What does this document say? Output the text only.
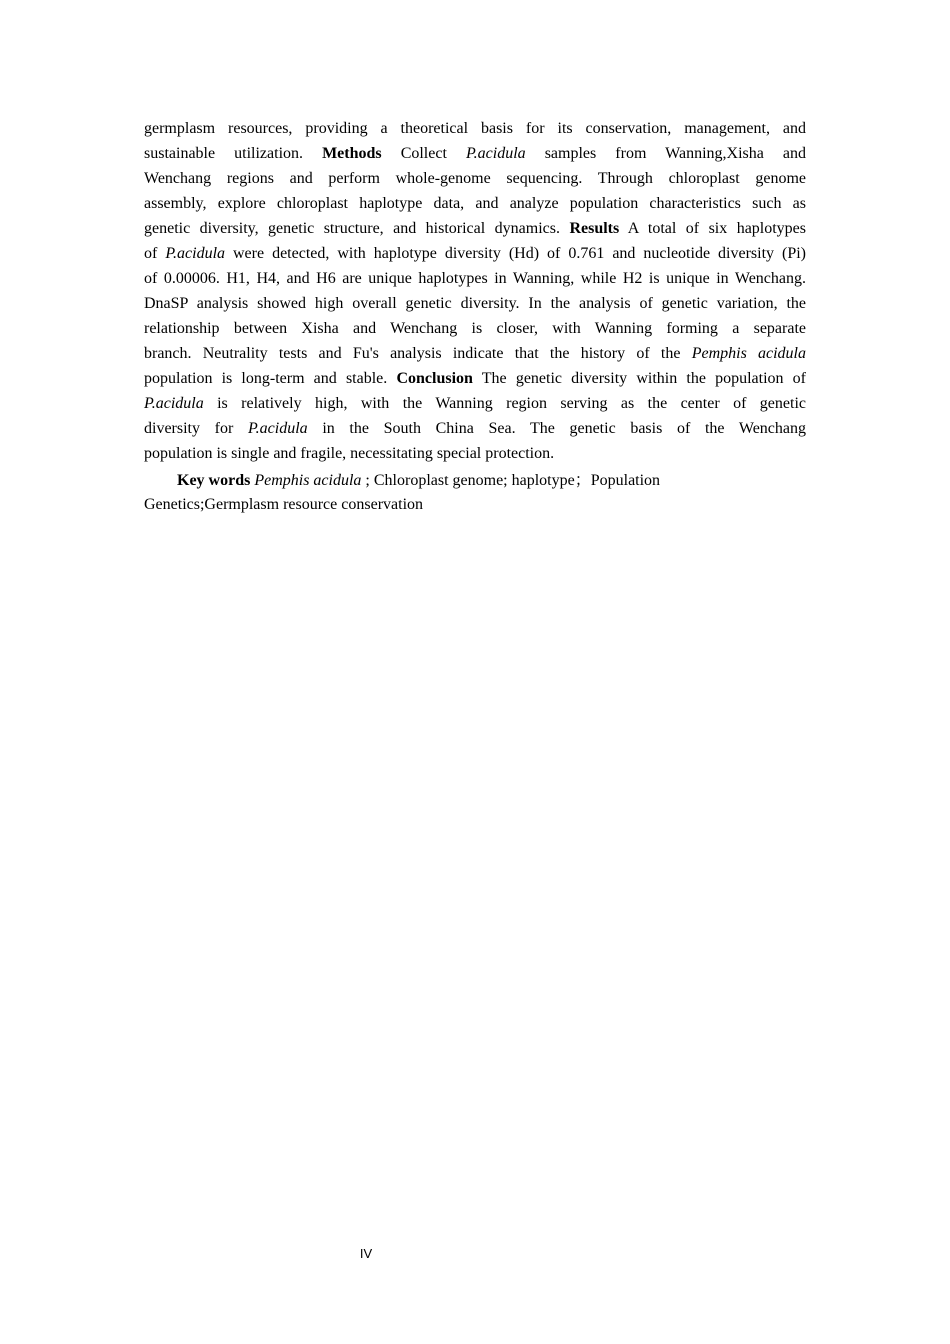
germplasm resources, providing a theoretical basis for its conservation, management, and
sustainable utilization. Methods Collect P.acidula samples from Wanning,Xisha and
Wenchang regions and perform whole-genome sequencing. Through chloroplast genome
assembly, explore chloroplast haplotype data, and analyze population characteristics such as
genetic diversity, genetic structure, and historical dynamics. Results A total of six haplotypes
of P.acidula were detected, with haplotype diversity (Hd) of 0.761 and nucleotide diversity (Pi)
of 0.00006. H1, H4, and H6 are unique haplotypes in Wanning, while H2 is unique in Wenchang.
DnaSP analysis showed high overall genetic diversity. In the analysis of genetic variation, the
relationship between Xisha and Wenchang is closer, with Wanning forming a separate
branch. Neutrality tests and Fu's analysis indicate that the history of the Pemphis acidula
population is long-term and stable. Conclusion The genetic diversity within the population of
P.acidula is relatively high, with the Wanning region serving as the center of genetic
diversity for P.acidula in the South China Sea. The genetic basis of the Wenchang
population is single and fragile, necessitating special protection.
Key words Pemphis acidula ; Chloroplast genome; haplotype；Population
Genetics;Germplasm resource conservation
IV
